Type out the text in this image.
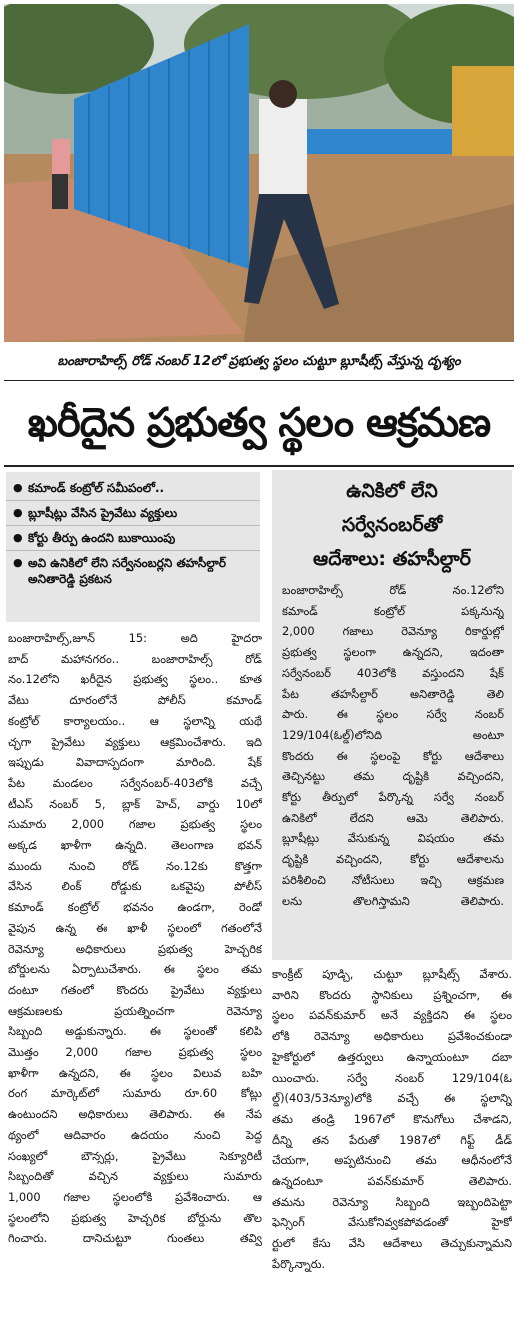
బంజారాహిల్స్‌ రోడ్‌ నంబర్‌ 12లో ప్రభుత్వ స్థలం చుట్టూ బ్లూషీట్స్‌ వేస్తున్న దృశ్యం
ఖరీదైన ప్రభుత్వ స్థలం ఆక్రమణ
● కమాండ్‌ కంట్రోల్‌ సమీపంలో..
● బ్లూషీట్లు వేసిన ప్రైవేటు వ్యక్తులు
● కోర్టు తీర్పు ఉందని బుకాయింపు
● అవి ఉనికిలో లేని సర్వేనంబర్లని తహసీల్దార్‌ అనితారెడ్డి ప్రకటన
ఉనికిలో లేని
సర్వేనంబర్‌తో
ఆదేశాలు: తహసీల్దార్‌
బంజారాహిల్స్‌ రోడ్‌ నం.12లోని
కమాండ్‌ కంట్రోల్‌ పక్కనున్న
2,000 గజాలు రెవెన్యూ రికార్డుల్లో
ప్రభుత్వ స్థలంగా ఉన్నదని, ఇదంతా
సర్వేనంబర్‌ 403లోకి వస్తుందని షేక్‌
పేట తహసీల్దార్‌ అనితారెడ్డి తెలి
పారు. ఈ స్థలం సర్వే నంబర్‌
129/104(ఓల్డ్‌)లోనిది అంటూ
కొందరు ఈ స్థలంపై కోర్టు ఆదేశాలు
తెచ్చినట్టు తమ దృష్టికి వచ్చిందని,
కోర్టు తీర్పులో పేర్కొన్న సర్వే నంబర్‌
ఉనికిలో లేదని ఆమె తెలిపారు.
బ్లూషీట్లు వేసుకున్న విషయం తమ
దృష్టికి వచ్చిందని, కోర్టు ఆదేశాలను
పరిశీలించి నోటీసులు ఇచ్చి ఆక్రమణ
లను తొలగిస్తామని తెలిపారు.
బంజారాహిల్స్‌,జూన్‌ 15: అది హైదరా
బాద్‌ మహానగరం.. బంజారాహిల్స్‌ రోడ్‌
నం.12లోని ఖరీదైన ప్రభుత్వ స్థలం.. కూత
వేటు దూరంలోనే పోలీస్‌ కమాండ్‌
కంట్రోల్‌ కార్యాలయం.. ఆ స్థలాన్ని యథే
చ్ఛగా ప్రైవేటు వ్యక్తులు ఆక్రమించేశారు. ఇది
ఇప్పుడు వివాదాస్పదంగా మారింది. షేక్‌
పేట మండలం సర్వేనంబర్‌-403లోకి వచ్చే
టీఎస్‌ నంబర్‌ 5, బ్లాక్‌ హెచ్‌, వార్డు 10లో
సుమారు 2,000 గజాల ప్రభుత్వ స్థలం
అక్కడ ఖాళీగా ఉన్నది. తెలంగాణ భవన్‌
ముందు నుంచి రోడ్‌ నం.12కు కొత్తగా
వేసిన లింక్‌ రోడ్డుకు ఒకవైపు పోలీస్‌
కమాండ్‌ కంట్రోల్‌ భవనం ఉండగా, రెండో
వైపున ఉన్న ఈ ఖాళీ స్థలంలో గతంలోనే
రెవెన్యూ అధికారులు ప్రభుత్వ హెచ్చరిక
బోర్డులను ఏర్పాటుచేశారు. ఈ స్థలం తమ
దంటూ గతంలో కొందరు ప్రైవేటు వ్యక్తులు
ఆక్రమణలకు ప్రయత్నించగా రెవెన్యూ
సిబ్బంది అడ్డుకున్నారు. ఈ స్థలంతో కలిపి
మొత్తం 2,000 గజాల ప్రభుత్వ స్థలం
ఖాళీగా ఉన్నదని, ఈ స్థలం విలువ బహి
రంగ మార్కెట్‌లో సుమారు రూ.60 కోట్లు
ఉంటుందని అధికారులు తెలిపారు. ఈ నేప
థ్యంలో ఆదివారం ఉదయం నుంచి పెద్ద
సంఖ్యలో బౌన్సర్లు, ప్రైవేటు సెక్యూరిటీ
సిబ్బందితో వచ్చిన వ్యక్తులు సుమారు
1,000 గజాల స్థలంలోకి ప్రవేశించారు. ఆ
స్థలంలోని ప్రభుత్వ హెచ్చరిక బోర్డును తొల
గించారు. దానిచుట్టూ గుంతలు తవ్వి
కాంక్రీట్‌ పూడ్చి, చుట్టూ బ్లూషీట్స్‌ వేశారు.
వారిని కొందరు స్థానికులు ప్రశ్నించగా, ఈ
స్థలం పవన్‌కుమార్‌ అనే వ్యక్తిదని ఈ స్థలం
లోకి రెవెన్యూ అధికారులు ప్రవేశించకుండా
హైకోర్టులో ఉత్తర్వులు ఉన్నాయంటూ దబా
యించారు. సర్వే నంబర్‌ 129/104(ఓ
ల్డ్‌)(403/53న్యూ)లోకి వచ్చే ఈ స్థలాన్ని
తమ తండ్రి 1967లో కొనుగోలు చేశాడని,
దీన్ని తన పేరుతో 1987లో గిఫ్ట్‌ డీడ్‌
చేయగా, అప్పటినుంచి తమ ఆధీనంలోనే
ఉన్నదంటూ పవన్‌కుమార్‌ తెలిపారు.
తమను రెవెన్యూ సిబ్బంది ఇబ్బందిపెట్టా
ఫెన్సింగ్‌ వేసుకోనివ్వకపోవడంతో హైకో
ర్టులో కేసు వేసి ఆదేశాలు తెచ్చుకున్నామని
పేర్కొన్నారు.
